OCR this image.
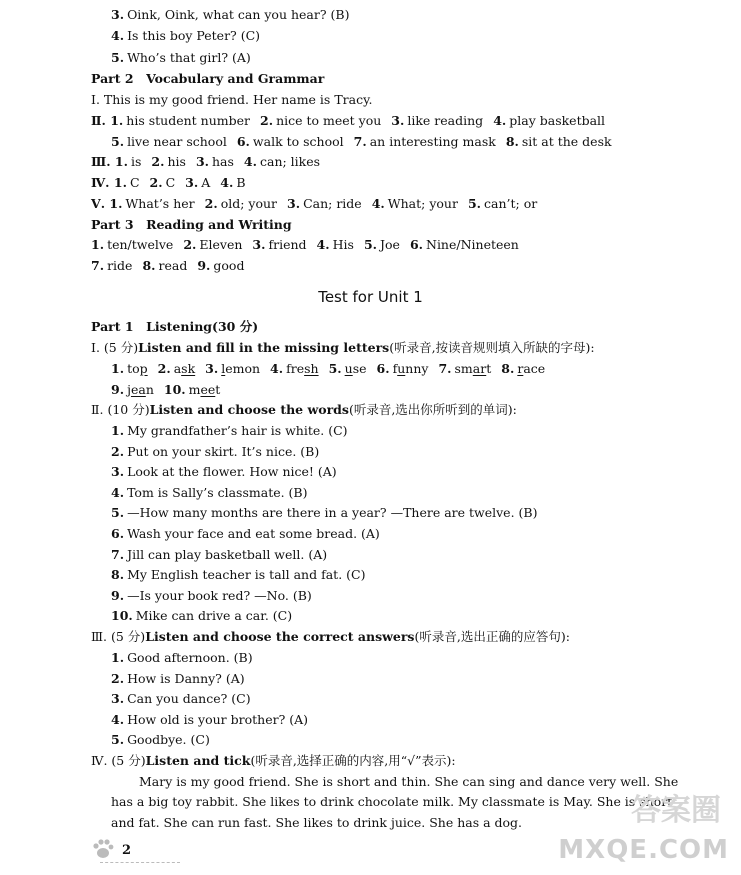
3. Oink, Oink, what can you hear? (B)
4. Is this boy Peter? (C)
5. Who’s that girl? (A)
Part 2　Vocabulary and Grammar
Ⅰ. This is my good friend. Her name is Tracy.
Ⅱ. 1. his student number 2. nice to meet you 3. like reading 4. play basketball
5. live near school 6. walk to school 7. an interesting mask 8. sit at the desk
Ⅲ. 1. is 2. his 3. has 4. can; likes
Ⅳ. 1. C 2. C 3. A 4. B
Ⅴ. 1. What’s her 2. old; your 3. Can; ride 4. What; your 5. can’t; or
Part 3　Reading and Writing
1. ten/twelve 2. Eleven 3. friend 4. His 5. Joe 6. Nine/Nineteen
7. ride 8. read 9. good
Test for Unit 1
Part 1　Listening(30 分)
Ⅰ. (5 分)Listen and fill in the missing letters(听录音,按读音规则填入所缺的字母):
1. top 2. ask 3. lemon 4. fresh 5. use 6. funny 7. smart 8. race
9. jean 10. meet
Ⅱ. (10 分)Listen and choose the words(听录音,选出你所听到的单词):
1. My grandfather’s hair is white. (C)
2. Put on your skirt. It’s nice. (B)
3. Look at the flower. How nice! (A)
4. Tom is Sally’s classmate. (B)
5. —How many months are there in a year? —There are twelve. (B)
6. Wash your face and eat some bread. (A)
7. Jill can play basketball well. (A)
8. My English teacher is tall and fat. (C)
9. —Is your book red? —No. (B)
10. Mike can drive a car. (C)
Ⅲ. (5 分)Listen and choose the correct answers(听录音,选出正确的应答句):
1. Good afternoon. (B)
2. How is Danny? (A)
3. Can you dance? (C)
4. How old is your brother? (A)
5. Goodbye. (C)
Ⅳ. (5 分)Listen and tick(听录音,选择正确的内容,用“√”表示):
Mary is my good friend. She is short and thin. She can sing and dance very well. She
has a big toy rabbit. She likes to drink chocolate milk. My classmate is May. She is short
and fat. She can run fast. She likes to drink juice. She has a dog.
2
答案圈
MXQE.COM
